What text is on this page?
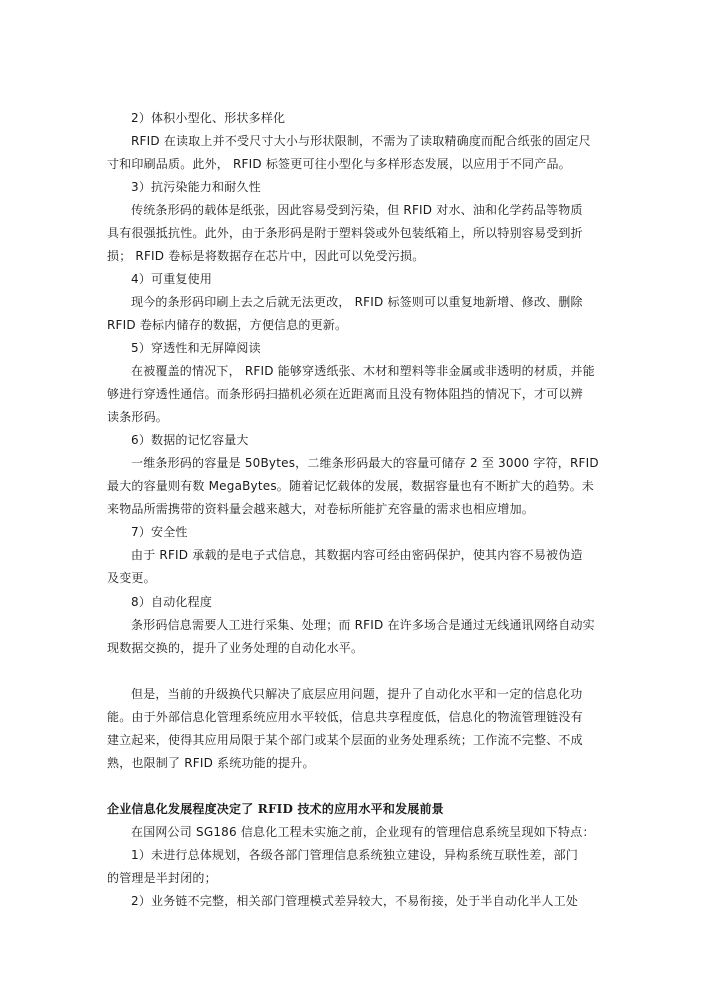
2）体积小型化、形状多样化
RFID 在读取上并不受尺寸大小与形状限制，不需为了读取精确度而配合纸张的固定尺
寸和印刷品质。此外， RFID 标签更可往小型化与多样形态发展，以应用于不同产品。
3）抗污染能力和耐久性
传统条形码的载体是纸张，因此容易受到污染，但 RFID 对水、油和化学药品等物质
具有很强抵抗性。此外，由于条形码是附于塑料袋或外包装纸箱上，所以特别容易受到折
损； RFID 卷标是将数据存在芯片中，因此可以免受污损。
4）可重复使用
现今的条形码印刷上去之后就无法更改， RFID 标签则可以重复地新增、修改、删除
RFID 卷标内储存的数据，方便信息的更新。
5）穿透性和无屏障阅读
在被覆盖的情况下， RFID 能够穿透纸张、木材和塑料等非金属或非透明的材质，并能
够进行穿透性通信。而条形码扫描机必须在近距离而且没有物体阻挡的情况下，才可以辨
读条形码。
6）数据的记忆容量大
一维条形码的容量是 50Bytes，二维条形码最大的容量可储存 2 至 3000 字符，RFID
最大的容量则有数 MegaBytes。随着记忆载体的发展，数据容量也有不断扩大的趋势。未
来物品所需携带的资料量会越来越大，对卷标所能扩充容量的需求也相应增加。
7）安全性
由于 RFID 承载的是电子式信息，其数据内容可经由密码保护，使其内容不易被伪造
及变更。
8）自动化程度
条形码信息需要人工进行采集、处理；而 RFID 在许多场合是通过无线通讯网络自动实
现数据交换的，提升了业务处理的自动化水平。
但是，当前的升级换代只解决了底层应用问题，提升了自动化水平和一定的信息化功
能。由于外部信息化管理系统应用水平较低，信息共享程度低，信息化的物流管理链没有
建立起来，使得其应用局限于某个部门或某个层面的业务处理系统；工作流不完整、不成
熟，也限制了 RFID 系统功能的提升。
企业信息化发展程度决定了 RFID 技术的应用水平和发展前景
在国网公司 SG186 信息化工程未实施之前，企业现有的管理信息系统呈现如下特点：
1）未进行总体规划，各级各部门管理信息系统独立建设，异构系统互联性差，部门
的管理是半封闭的；
2）业务链不完整，相关部门管理模式差异较大，不易衔接，处于半自动化半人工处
